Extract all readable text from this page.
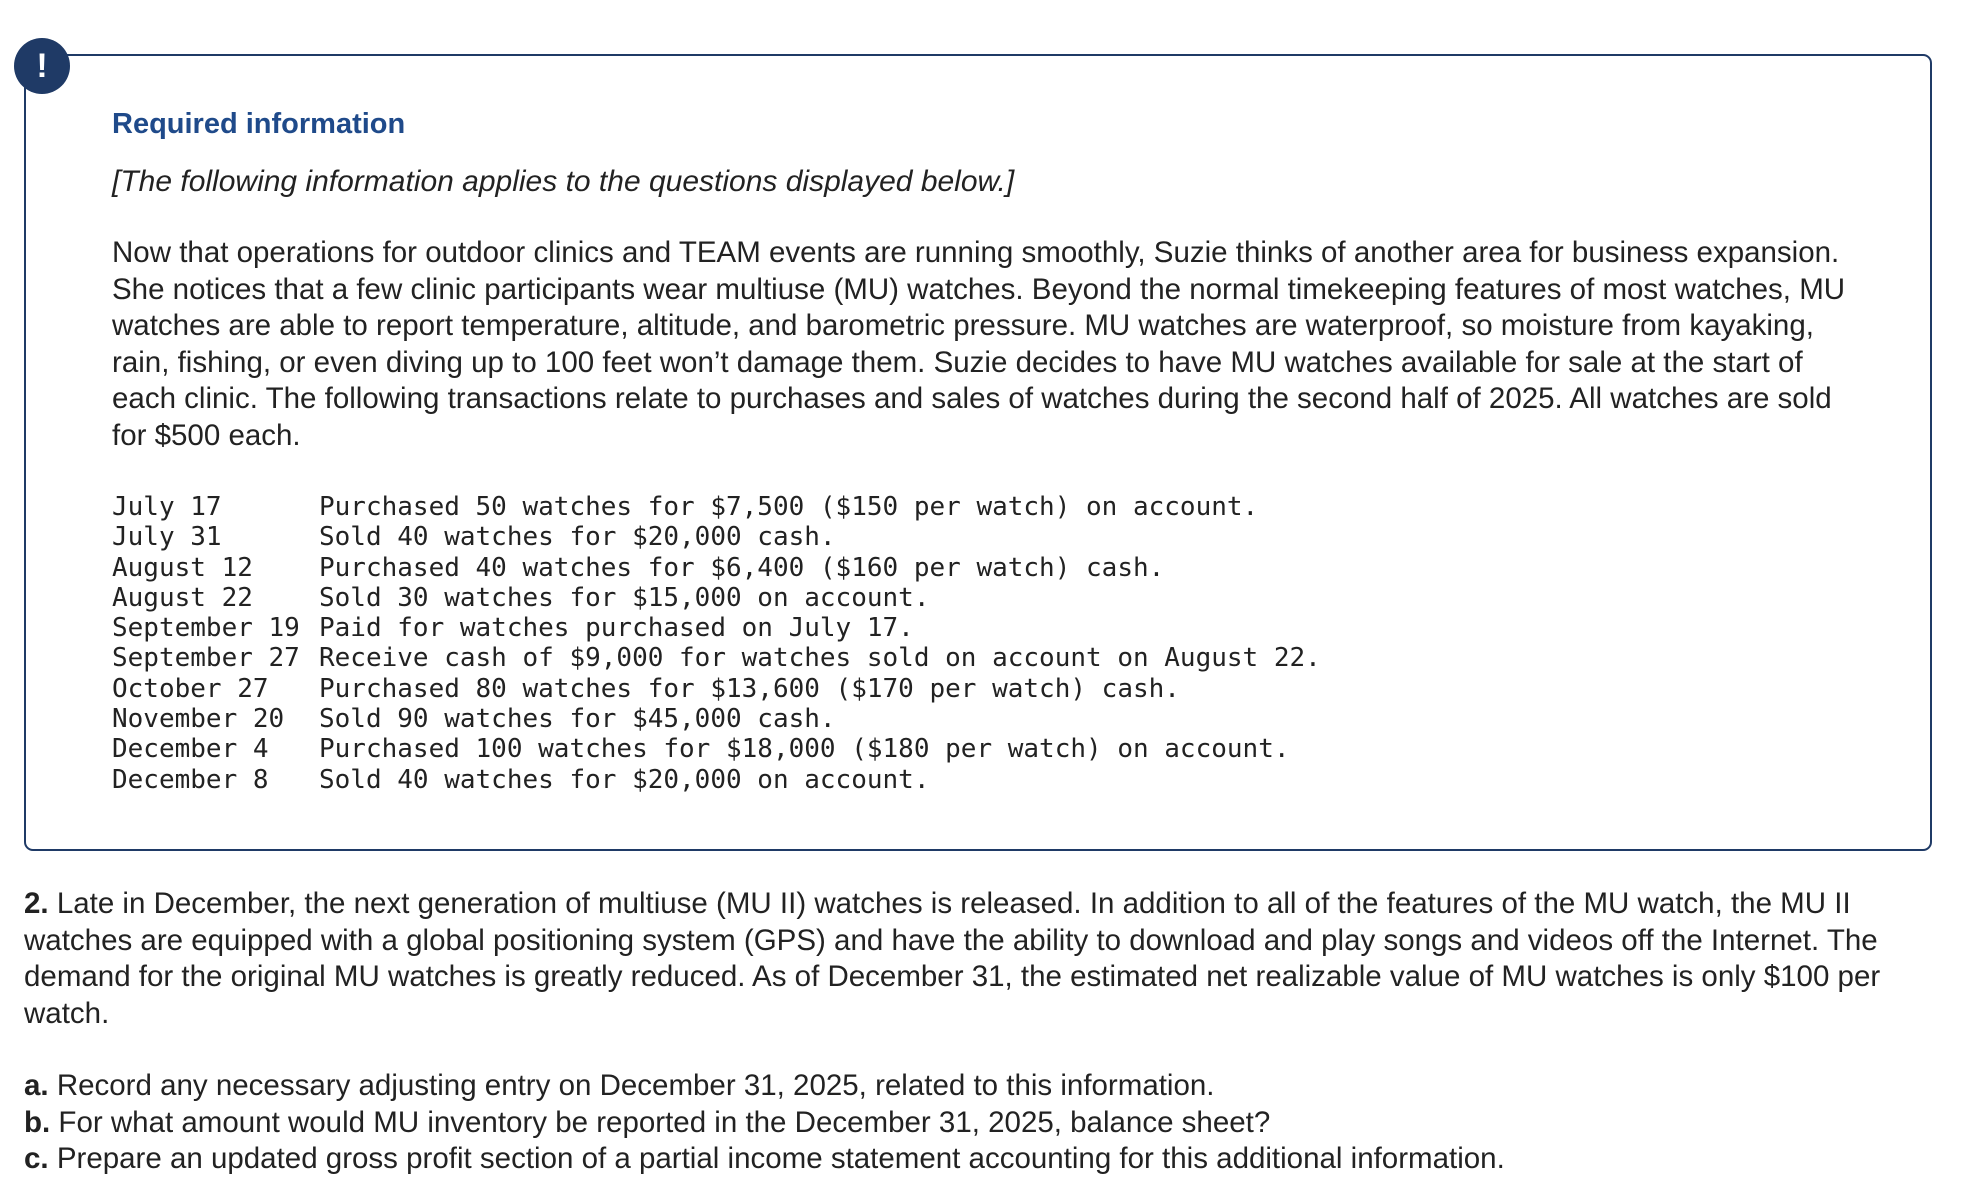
!
Required information

[The following information applies to the questions displayed below.]

Now that operations for outdoor clinics and TEAM events are running smoothly, Suzie thinks of another area for business expansion. She notices that a few clinic participants wear multiuse (MU) watches. Beyond the normal timekeeping features of most watches, MU watches are able to report temperature, altitude, and barometric pressure. MU watches are waterproof, so moisture from kayaking, rain, fishing, or even diving up to 100 feet won’t damage them. Suzie decides to have MU watches available for sale at the start of each clinic. The following transactions relate to purchases and sales of watches during the second half of 2025. All watches are sold for $500 each.

July 17	Purchased 50 watches for $7,500 ($150 per watch) on account.
July 31	Sold 40 watches for $20,000 cash.
August 12	Purchased 40 watches for $6,400 ($160 per watch) cash.
August 22	Sold 30 watches for $15,000 on account.
September 19	Paid for watches purchased on July 17.
September 27	Receive cash of $9,000 for watches sold on account on August 22.
October 27	Purchased 80 watches for $13,600 ($170 per watch) cash.
November 20	Sold 90 watches for $45,000 cash.
December 4	Purchased 100 watches for $18,000 ($180 per watch) on account.
December 8	Sold 40 watches for $20,000 on account.

2. Late in December, the next generation of multiuse (MU II) watches is released. In addition to all of the features of the MU watch, the MU II watches are equipped with a global positioning system (GPS) and have the ability to download and play songs and videos off the Internet. The demand for the original MU watches is greatly reduced. As of December 31, the estimated net realizable value of MU watches is only $100 per watch.

a. Record any necessary adjusting entry on December 31, 2025, related to this information.
b. For what amount would MU inventory be reported in the December 31, 2025, balance sheet?
c. Prepare an updated gross profit section of a partial income statement accounting for this additional information.
